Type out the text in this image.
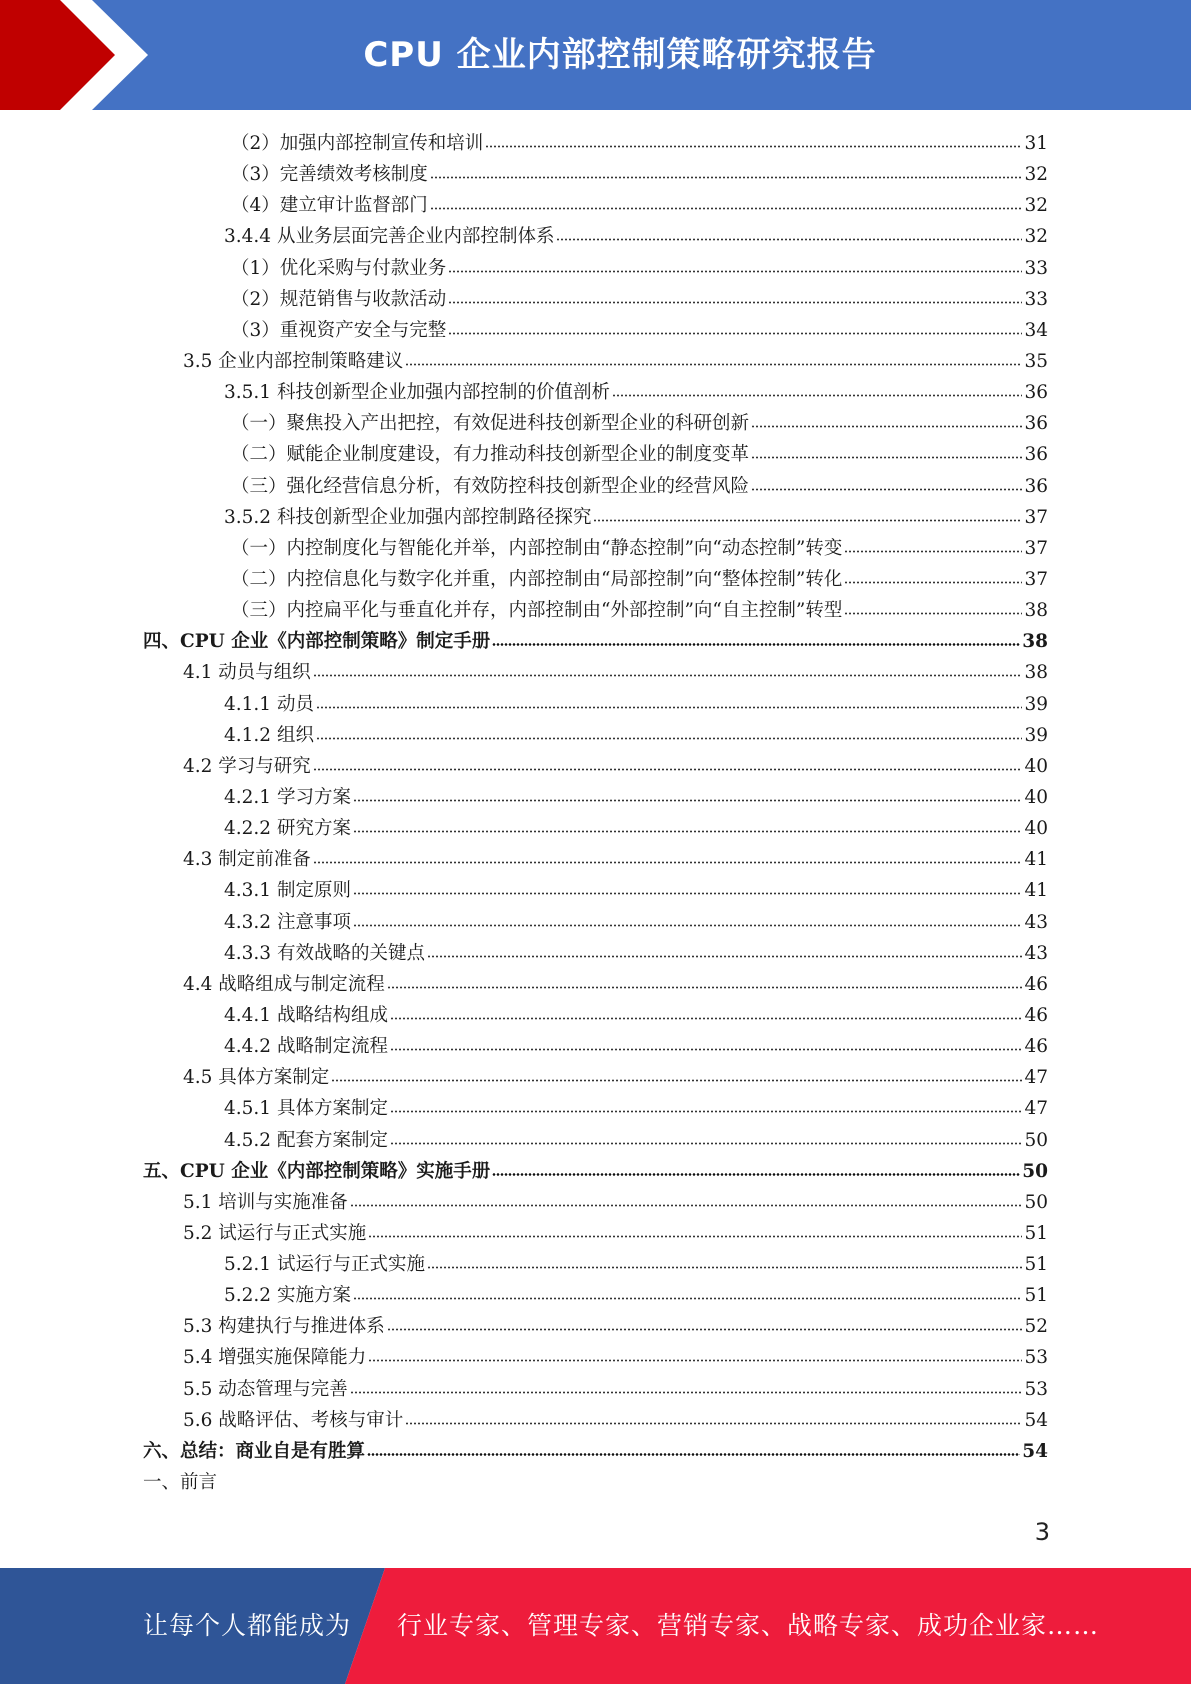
CPU 企业内部控制策略研究报告
（2）加强内部控制宣传和培训	31
（3）完善绩效考核制度	32
（4）建立审计监督部门	32
3.4.4 从业务层面完善企业内部控制体系	32
（1）优化采购与付款业务	33
（2）规范销售与收款活动	33
（3）重视资产安全与完整	34
3.5 企业内部控制策略建议	35
3.5.1 科技创新型企业加强内部控制的价值剖析	36
（一）聚焦投入产出把控，有效促进科技创新型企业的科研创新	36
（二）赋能企业制度建设，有力推动科技创新型企业的制度变革	36
（三）强化经营信息分析，有效防控科技创新型企业的经营风险	36
3.5.2 科技创新型企业加强内部控制路径探究	37
（一）内控制度化与智能化并举，内部控制由“静态控制”向“动态控制”转变	37
（二）内控信息化与数字化并重，内部控制由“局部控制”向“整体控制”转化	37
（三）内控扁平化与垂直化并存，内部控制由“外部控制”向“自主控制”转型	38
四、CPU 企业《内部控制策略》制定手册	38
4.1 动员与组织	38
4.1.1 动员	39
4.1.2 组织	39
4.2 学习与研究	40
4.2.1 学习方案	40
4.2.2 研究方案	40
4.3 制定前准备	41
4.3.1 制定原则	41
4.3.2 注意事项	43
4.3.3 有效战略的关键点	43
4.4 战略组成与制定流程	46
4.4.1 战略结构组成	46
4.4.2 战略制定流程	46
4.5 具体方案制定	47
4.5.1 具体方案制定	47
4.5.2 配套方案制定	50
五、CPU 企业《内部控制策略》实施手册	50
5.1 培训与实施准备	50
5.2 试运行与正式实施	51
5.2.1 试运行与正式实施	51
5.2.2 实施方案	51
5.3 构建执行与推进体系	52
5.4 增强实施保障能力	53
5.5 动态管理与完善	53
5.6 战略评估、考核与审计	54
六、总结：商业自是有胜算	54
一、前言
3
让每个人都能成为 行业专家、管理专家、营销专家、战略专家、成功企业家……
